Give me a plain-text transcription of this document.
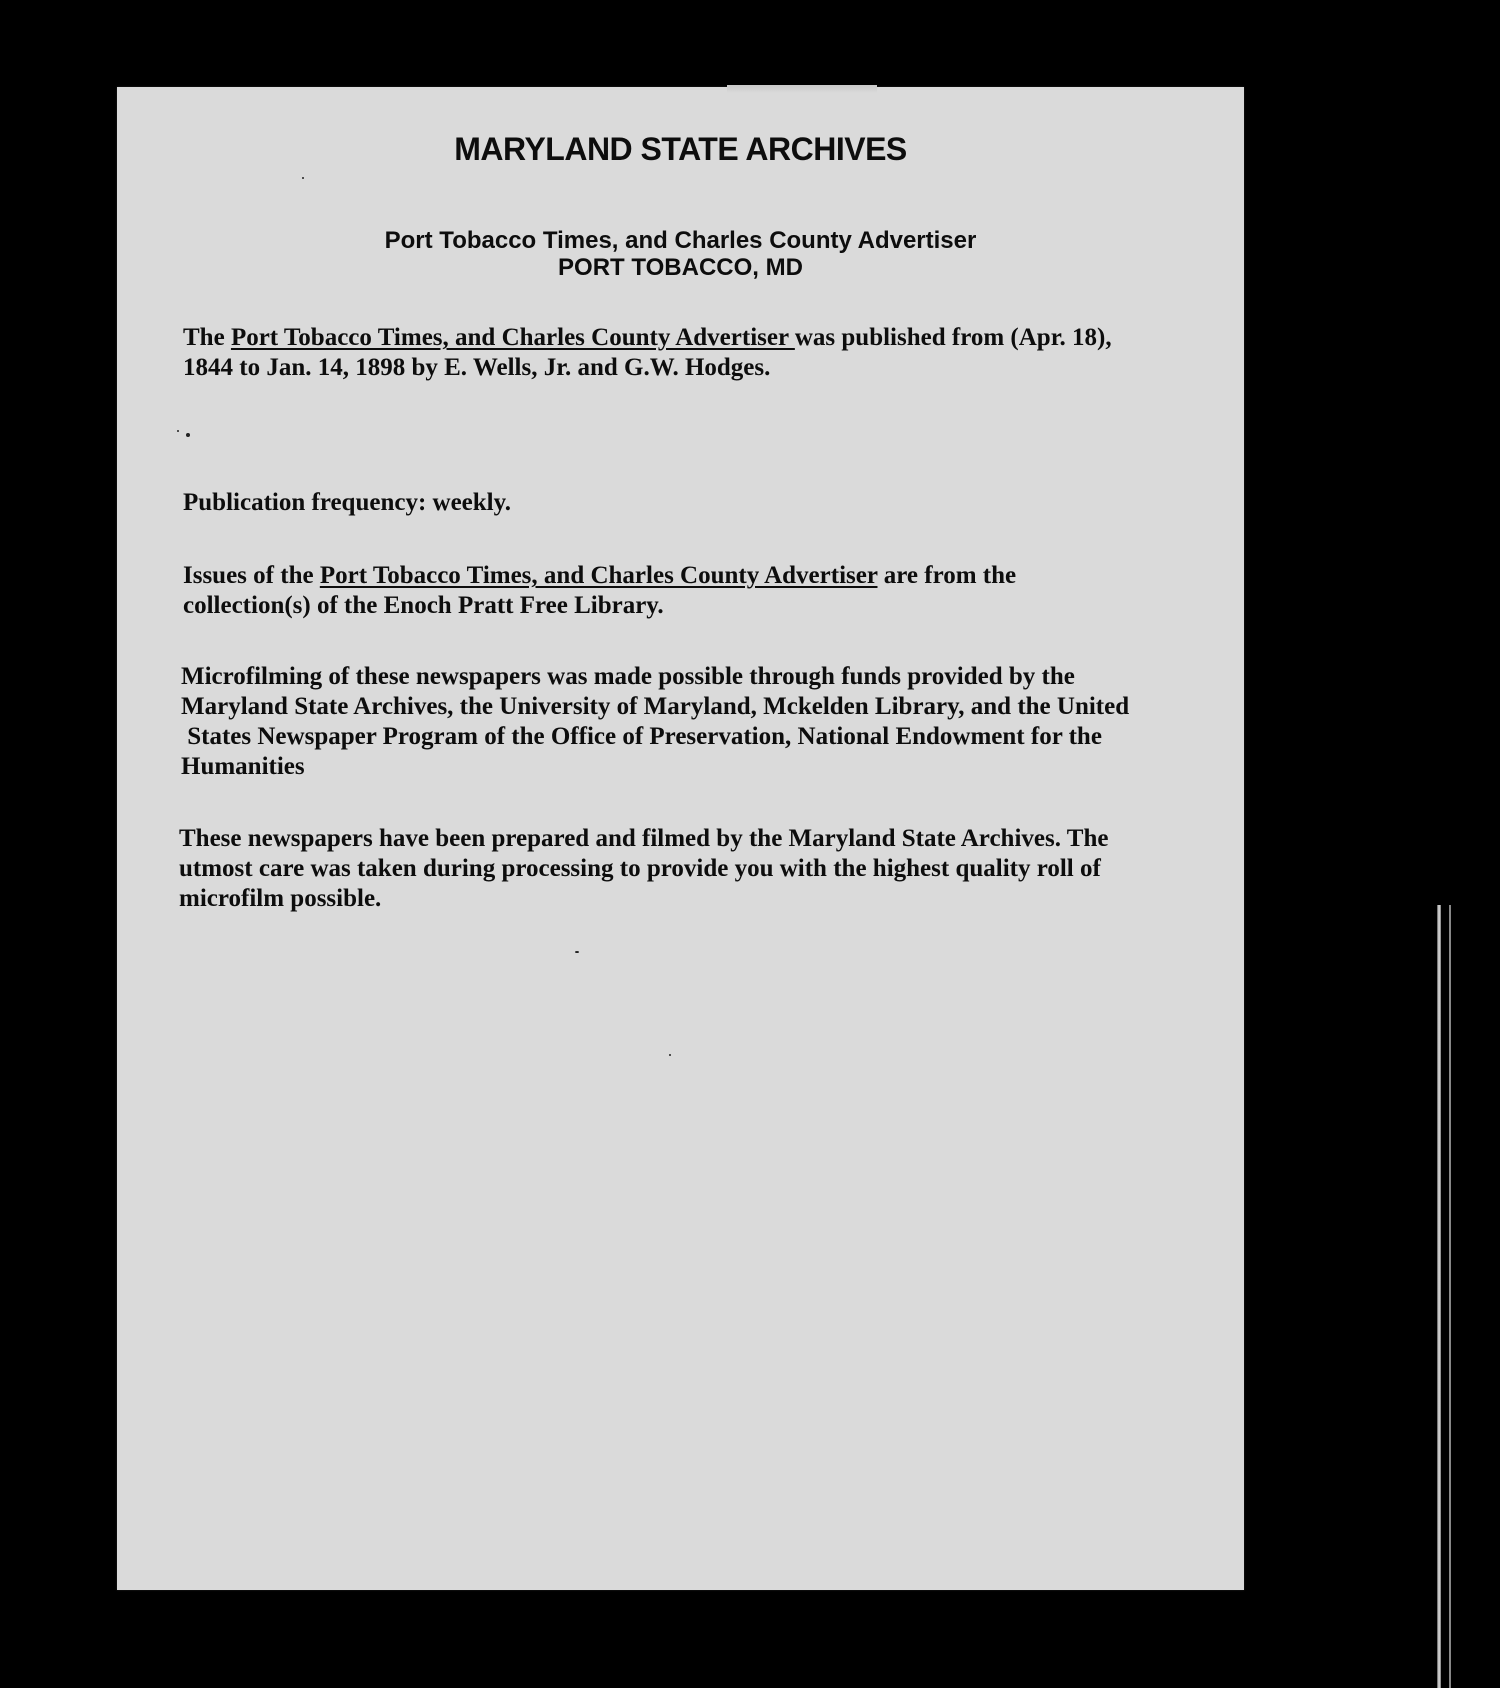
MARYLAND STATE ARCHIVES
Port Tobacco Times, and Charles County Advertiser
PORT TOBACCO, MD
The Port Tobacco Times, and Charles County Advertiser was published from (Apr. 18),
1844 to Jan. 14, 1898 by E. Wells, Jr. and G.W. Hodges.
Publication frequency: weekly.
Issues of the Port Tobacco Times, and Charles County Advertiser are from the
collection(s) of the Enoch Pratt Free Library.
Microfilming of these newspapers was made possible through funds provided by the
Maryland State Archives, the University of Maryland, Mckelden Library, and the United
States Newspaper Program of the Office of Preservation, National Endowment for the
Humanities
These newspapers have been prepared and filmed by the Maryland State Archives. The
utmost care was taken during processing to provide you with the highest quality roll of
microfilm possible.
